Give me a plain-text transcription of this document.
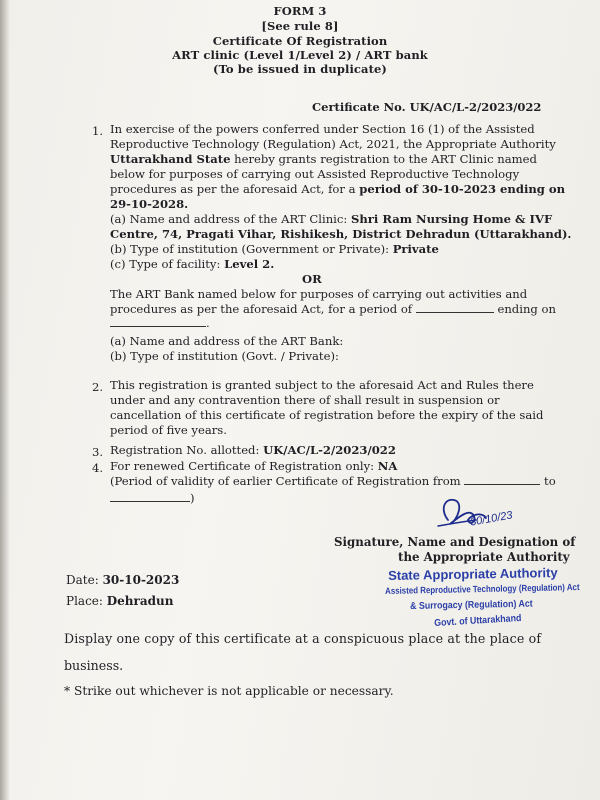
FORM 3
[See rule 8]
Certificate Of Registration
ART clinic (Level 1/Level 2) / ART bank
(To be issued in duplicate)
Certificate No. UK/AC/L-2/2023/022
1. In exercise of the powers conferred under Section 16 (1) of the Assisted
Reproductive Technology (Regulation) Act, 2021, the Appropriate Authority
Uttarakhand State hereby grants registration to the ART Clinic named
below for purposes of carrying out Assisted Reproductive Technology
procedures as per the aforesaid Act, for a period of 30-10-2023 ending on
29-10-2028.
(a) Name and address of the ART Clinic: Shri Ram Nursing Home & IVF
Centre, 74, Pragati Vihar, Rishikesh, District Dehradun (Uttarakhand).
(b) Type of institution (Government or Private): Private
(c) Type of facility: Level 2.
OR
The ART Bank named below for purposes of carrying out activities and
procedures as per the aforesaid Act, for a period of	ending on
.
(a) Name and address of the ART Bank:
(b) Type of institution (Govt. / Private):
2. This registration is granted subject to the aforesaid Act and Rules there
under and any contravention there of shall result in suspension or
cancellation of this certificate of registration before the expiry of the said
period of five years.
3. Registration No. allotted: UK/AC/L-2/2023/022
4. For renewed Certificate of Registration only: NA
(Period of validity of earlier Certificate of Registration from	to
)
30/10/23
Signature, Name and Designation of
the Appropriate Authority
State Appropriate Authority
Assisted Reproductive Technology (Regulation) Act
& Surrogacy (Regulation) Act
Govt. of Uttarakhand
Date: 30-10-2023
Place: Dehradun
Display one copy of this certificate at a conspicuous place at the place of
business.
* Strike out whichever is not applicable or necessary.
